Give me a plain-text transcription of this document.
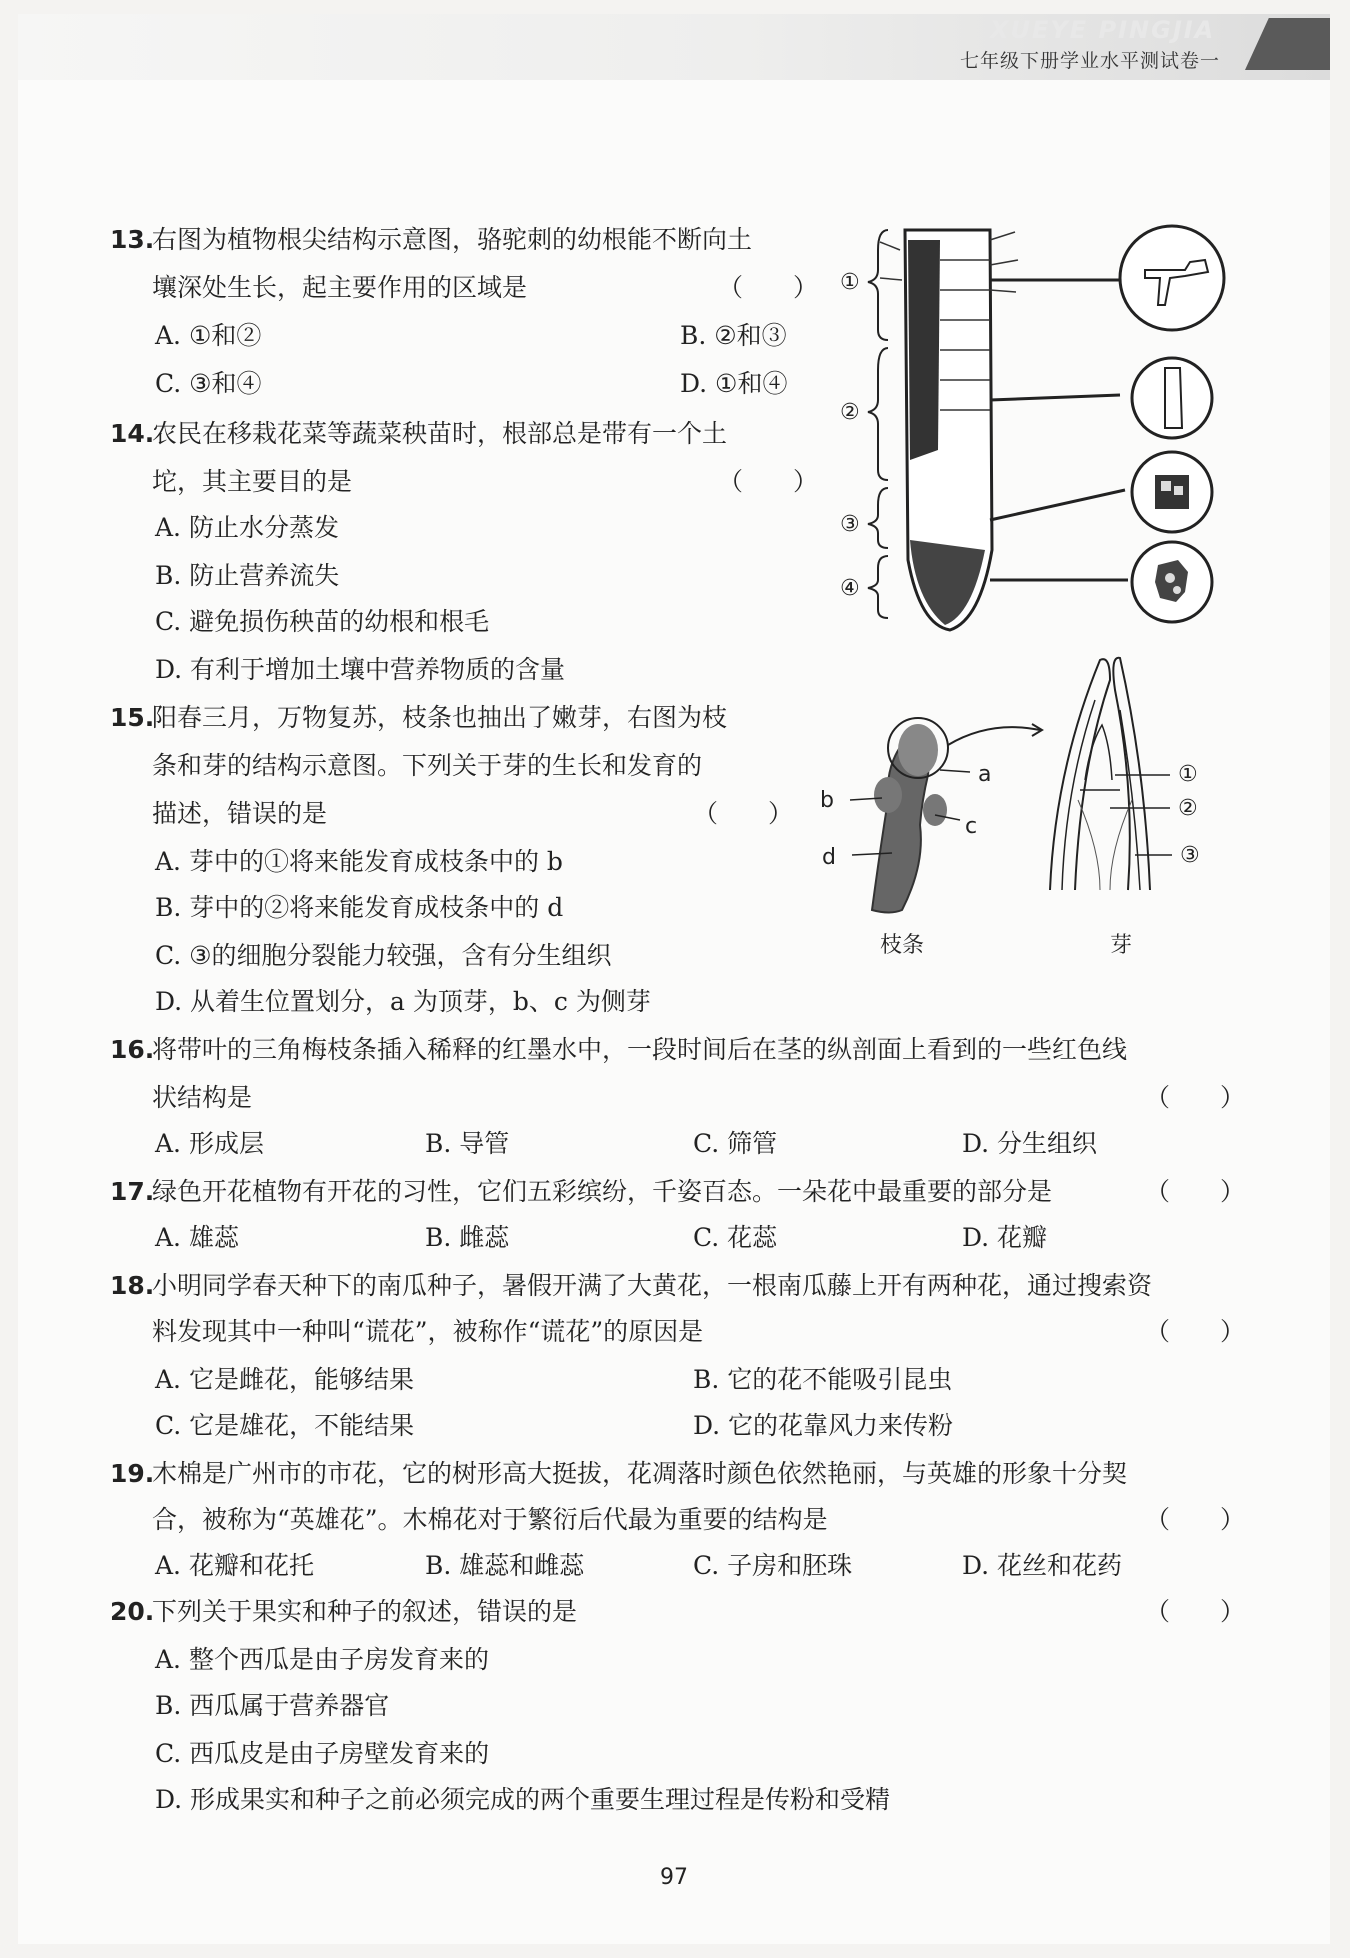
XUEYE PINGJIA
七年级下册学业水平测试卷一
13.右图为植物根尖结构示意图，骆驼刺的幼根能不断向土
壤深处生长，起主要作用的区域是	（　　）
A. ①和②	B. ②和③
C. ③和④	D. ①和④
14.农民在移栽花菜等蔬菜秧苗时，根部总是带有一个土
坨，其主要目的是	（　　）
A. 防止水分蒸发
B. 防止营养流失
C. 避免损伤秧苗的幼根和根毛
D. 有利于增加土壤中营养物质的含量
①
②
③
④
15.阳春三月，万物复苏，枝条也抽出了嫩芽，右图为枝
条和芽的结构示意图。下列关于芽的生长和发育的
描述，错误的是	（　　）
A. 芽中的①将来能发育成枝条中的 b
B. 芽中的②将来能发育成枝条中的 d
C. ③的细胞分裂能力较强，含有分生组织
D. 从着生位置划分，a 为顶芽，b、c 为侧芽
a
b
c
d
①
②
③
枝条	芽
16.将带叶的三角梅枝条插入稀释的红墨水中，一段时间后在茎的纵剖面上看到的一些红色线
状结构是	（　　）
A. 形成层	B. 导管	C. 筛管	D. 分生组织
17.绿色开花植物有开花的习性，它们五彩缤纷，千姿百态。一朵花中最重要的部分是	（　　）
A. 雄蕊	B. 雌蕊	C. 花蕊	D. 花瓣
18.小明同学春天种下的南瓜种子，暑假开满了大黄花，一根南瓜藤上开有两种花，通过搜索资
料发现其中一种叫“谎花”，被称作“谎花”的原因是	（　　）
A. 它是雌花，能够结果	B. 它的花不能吸引昆虫
C. 它是雄花，不能结果	D. 它的花靠风力来传粉
19.木棉是广州市的市花，它的树形高大挺拔，花凋落时颜色依然艳丽，与英雄的形象十分契
合，被称为“英雄花”。木棉花对于繁衍后代最为重要的结构是	（　　）
A. 花瓣和花托	B. 雄蕊和雌蕊	C. 子房和胚珠	D. 花丝和花药
20.下列关于果实和种子的叙述，错误的是	（　　）
A. 整个西瓜是由子房发育来的
B. 西瓜属于营养器官
C. 西瓜皮是由子房壁发育来的
D. 形成果实和种子之前必须完成的两个重要生理过程是传粉和受精
97
